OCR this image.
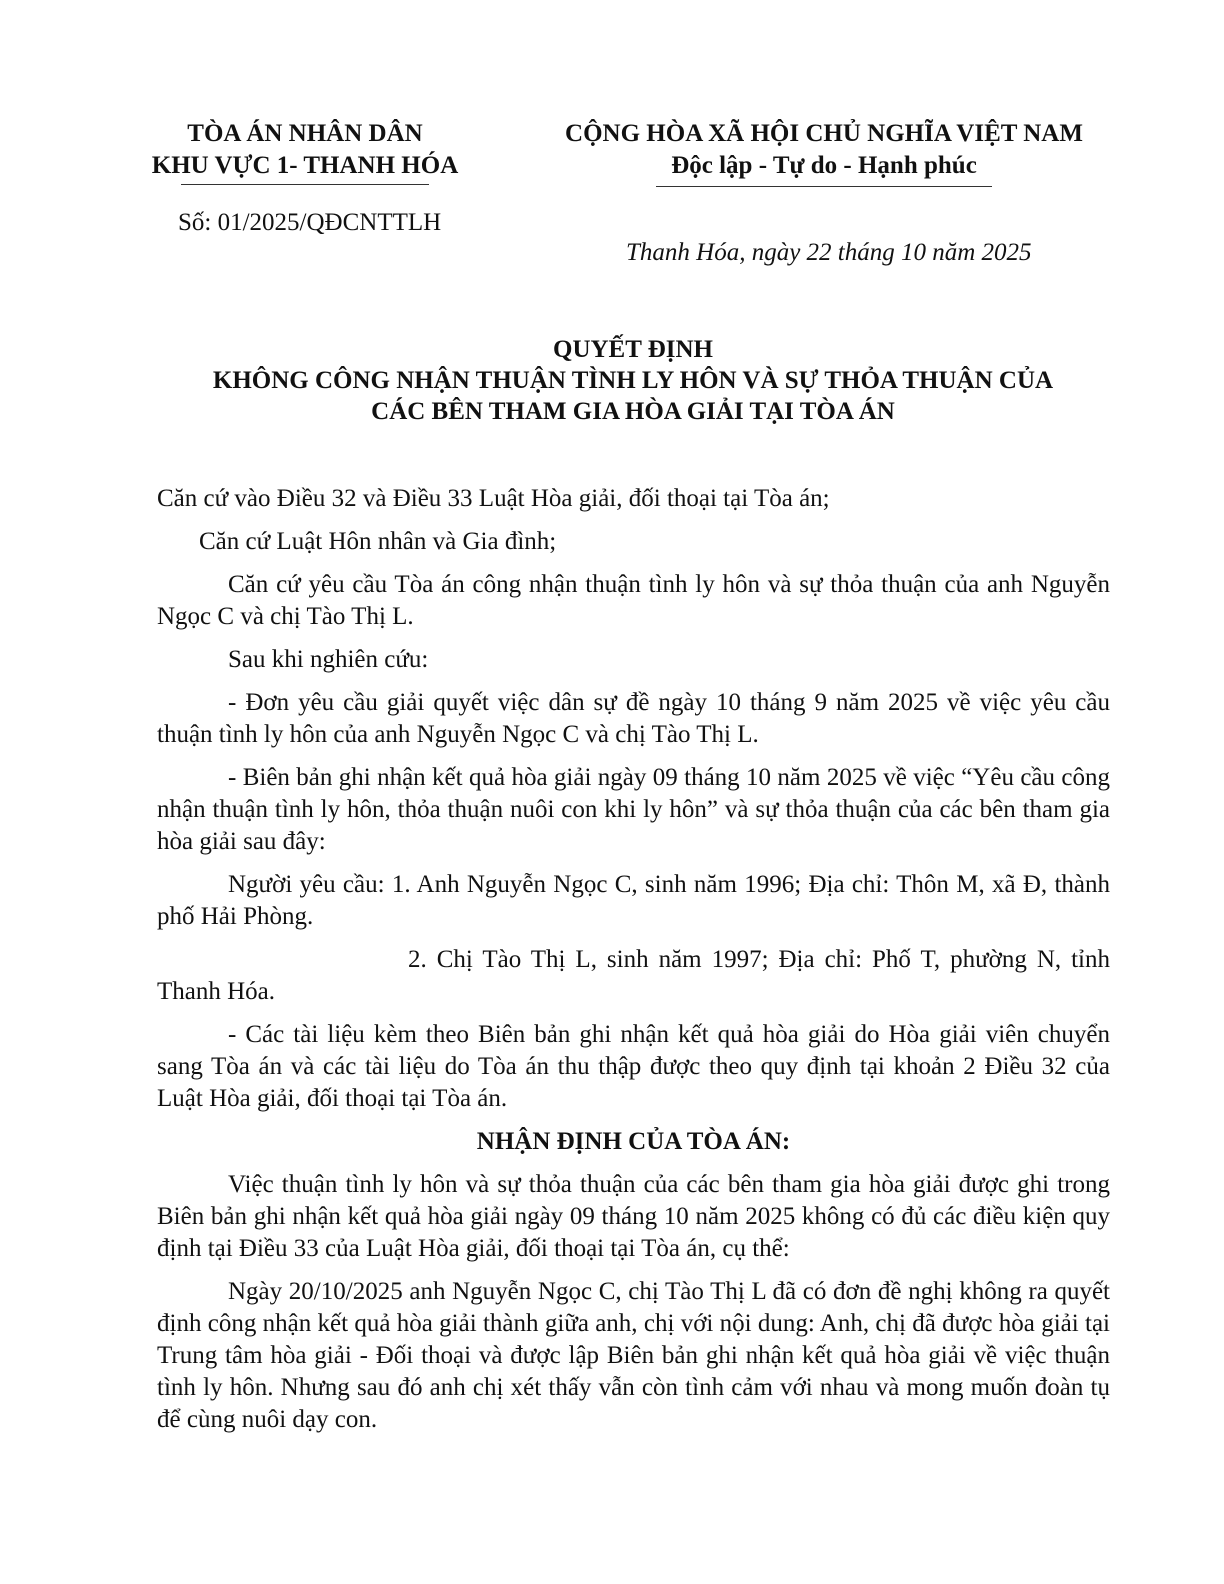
TÒA ÁN NHÂN DÂN
KHU VỰC 1- THANH HÓA
CỘNG HÒA XÃ HỘI CHỦ NGHĨA VIỆT NAM
Độc lập - Tự do - Hạnh phúc
Số: 01/2025/QĐCNTTLH
Thanh Hóa, ngày 22 tháng 10 năm 2025
QUYẾT ĐỊNH
KHÔNG CÔNG NHẬN THUẬN TÌNH LY HÔN VÀ SỰ THỎA THUẬN CỦA
CÁC BÊN THAM GIA HÒA GIẢI TẠI TÒA ÁN

Căn cứ vào Điều 32 và Điều 33 Luật Hòa giải, đối thoại tại Tòa án;

Căn cứ Luật Hôn nhân và Gia đình;

Căn cứ yêu cầu Tòa án công nhận thuận tình ly hôn và sự thỏa thuận của anh Nguyễn Ngọc C và chị Tào Thị L.

Sau khi nghiên cứu:

- Đơn yêu cầu giải quyết việc dân sự đề ngày 10 tháng 9 năm 2025 về việc yêu cầu thuận tình ly hôn của anh Nguyễn Ngọc C và chị Tào Thị L.

- Biên bản ghi nhận kết quả hòa giải ngày 09 tháng 10 năm 2025 về việc “Yêu cầu công nhận thuận tình ly hôn, thỏa thuận nuôi con khi ly hôn” và sự thỏa thuận của các bên tham gia hòa giải sau đây:

Người yêu cầu: 1. Anh Nguyễn Ngọc C, sinh năm 1996; Địa chỉ: Thôn M, xã Đ, thành phố Hải Phòng.

2. Chị Tào Thị L, sinh năm 1997; Địa chỉ: Phố T, phường N, tỉnh Thanh Hóa.

- Các tài liệu kèm theo Biên bản ghi nhận kết quả hòa giải do Hòa giải viên chuyển sang Tòa án và các tài liệu do Tòa án thu thập được theo quy định tại khoản 2 Điều 32 của Luật Hòa giải, đối thoại tại Tòa án.

NHẬN ĐỊNH CỦA TÒA ÁN:

Việc thuận tình ly hôn và sự thỏa thuận của các bên tham gia hòa giải được ghi trong Biên bản ghi nhận kết quả hòa giải ngày 09 tháng 10 năm 2025 không có đủ các điều kiện quy định tại Điều 33 của Luật Hòa giải, đối thoại tại Tòa án, cụ thể:

Ngày 20/10/2025 anh Nguyễn Ngọc C, chị Tào Thị L đã có đơn đề nghị không ra quyết định công nhận kết quả hòa giải thành giữa anh, chị với nội dung: Anh, chị đã được hòa giải tại Trung tâm hòa giải - Đối thoại và được lập Biên bản ghi nhận kết quả hòa giải về việc thuận tình ly hôn. Nhưng sau đó anh chị xét thấy vẫn còn tình cảm với nhau và mong muốn đoàn tụ để cùng nuôi dạy con.
